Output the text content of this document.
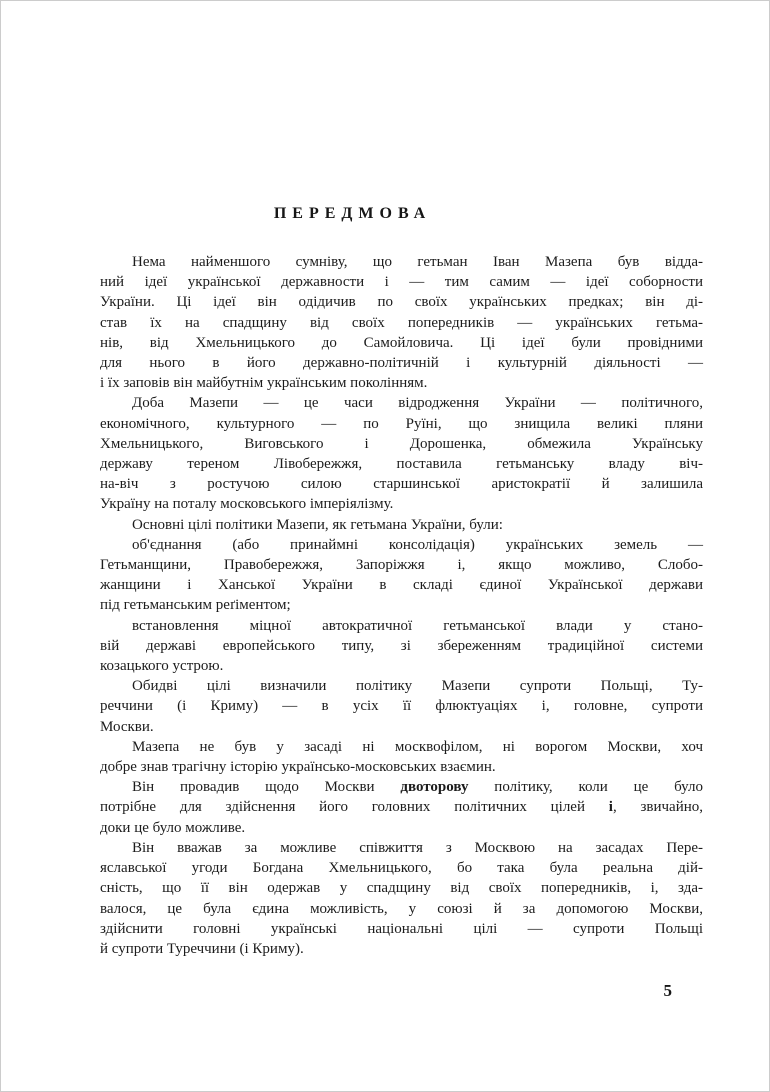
ПЕРЕДМОВА

Нема найменшого сумніву, що гетьман Іван Мазепа був відда-
ний ідеї української державности і — тим самим — ідеї соборности
України. Ці ідеї він одідичив по своїх українських предках; він ді-
став їх на спадщину від своїх попередників — українських гетьма-
нів, від Хмельницького до Самойловича. Ці ідеї були провідними
для нього в його державно-політичній і культурній діяльності —
і їх заповів він майбутнім українським поколінням.

Доба Мазепи — це часи відродження України — політичного,
економічного, культурного — по Руїні, що знищила великі пляни
Хмельницького, Виговського і Дорошенка, обмежила Українську
державу тереном Лівобережжя, поставила гетьманську владу віч-
на-віч з ростучою силою старшинської аристократії й залишила
Україну на поталу московського імперіялізму.

Основні цілі політики Мазепи, як гетьмана України, були:

об'єднання (або принаймні консолідація) українських земель —
Гетьманщини, Правобережжя, Запоріжжя і, якщо можливо, Слобо-
жанщини і Ханської України в складі єдиної Української держави
під гетьманським реґіментом;

встановлення міцної автократичної гетьманської влади у стано-
вій державі европейського типу, зі збереженням традиційної системи
козацького устрою.

Обидві цілі визначили політику Мазепи супроти Польщі, Ту-
реччини (і Криму) — в усіх її флюктуаціях і, головне, супроти
Москви.

Мазепа не був у засаді ні москвофілом, ні ворогом Москви, хоч
добре знав трагічну історію українсько-московських взаємин.

Він провадив щодо Москви двоторову політику, коли це було
потрібне для здійснення його головних політичних цілей і, звичайно,
доки це було можливе.

Він вважав за можливе співжиття з Москвою на засадах Пере-
яславської угоди Богдана Хмельницького, бо така була реальна дій-
сність, що її він одержав у спадщину від своїх попередників, і, зда-
валося, це була єдина можливість, у союзі й за допомогою Москви,
здійснити головні українські національні цілі — супроти Польщі
й супроти Туреччини (і Криму).

5
